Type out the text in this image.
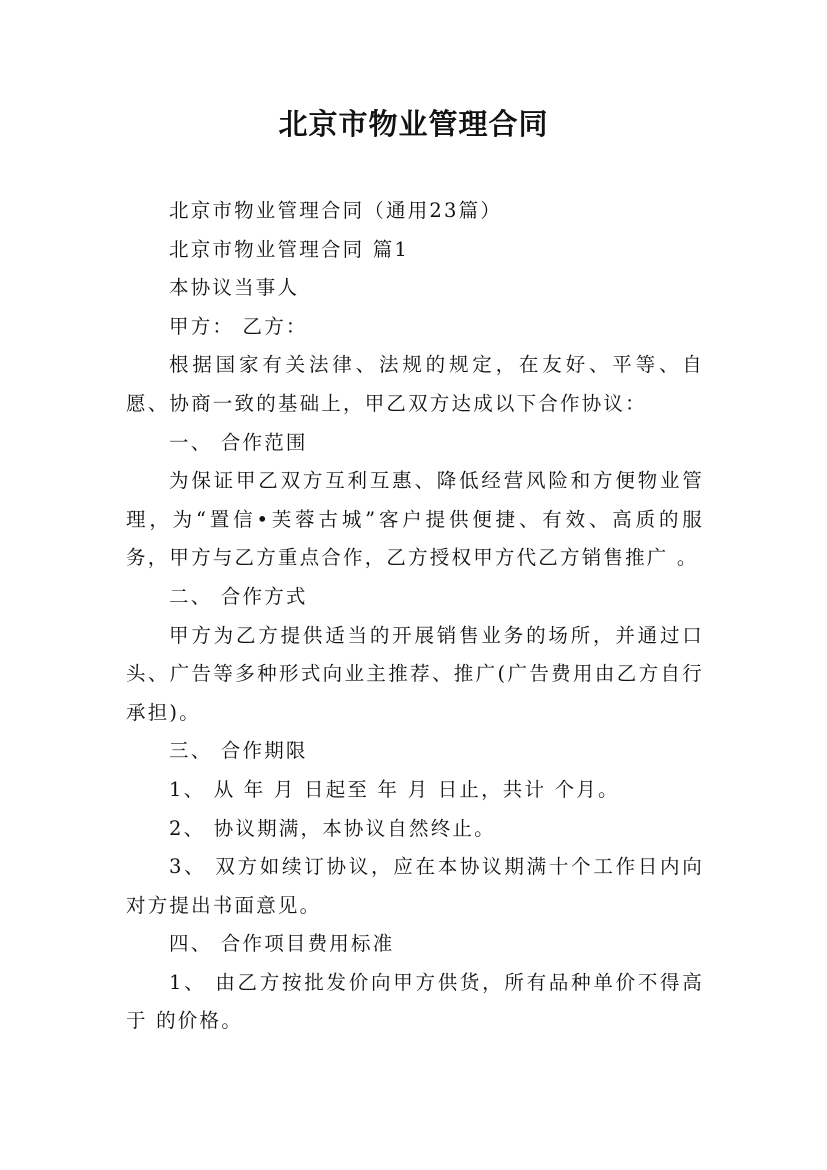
北京市物业管理合同

北京市物业管理合同（通用23篇）

北京市物业管理合同 篇1

本协议当事人

甲方： 乙方：

根据国家有关法律、法规的规定，在友好、平等、自愿、协商一致的基础上，甲乙双方达成以下合作协议：

一、 合作范围

为保证甲乙双方互利互惠、降低经营风险和方便物业管理，为“置信•芙蓉古城”客户提供便捷、有效、高质的服务，甲方与乙方重点合作，乙方授权甲方代乙方销售推广 。

二、 合作方式

甲方为乙方提供适当的开展销售业务的场所，并通过口头、广告等多种形式向业主推荐、推广(广告费用由乙方自行承担)。

三、 合作期限

1、 从 年 月 日起至 年 月 日止，共计 个月。

2、 协议期满，本协议自然终止。

3、 双方如续订协议，应在本协议期满十个工作日内向对方提出书面意见。

四、 合作项目费用标准

1、 由乙方按批发价向甲方供货，所有品种单价不得高于 的价格。
